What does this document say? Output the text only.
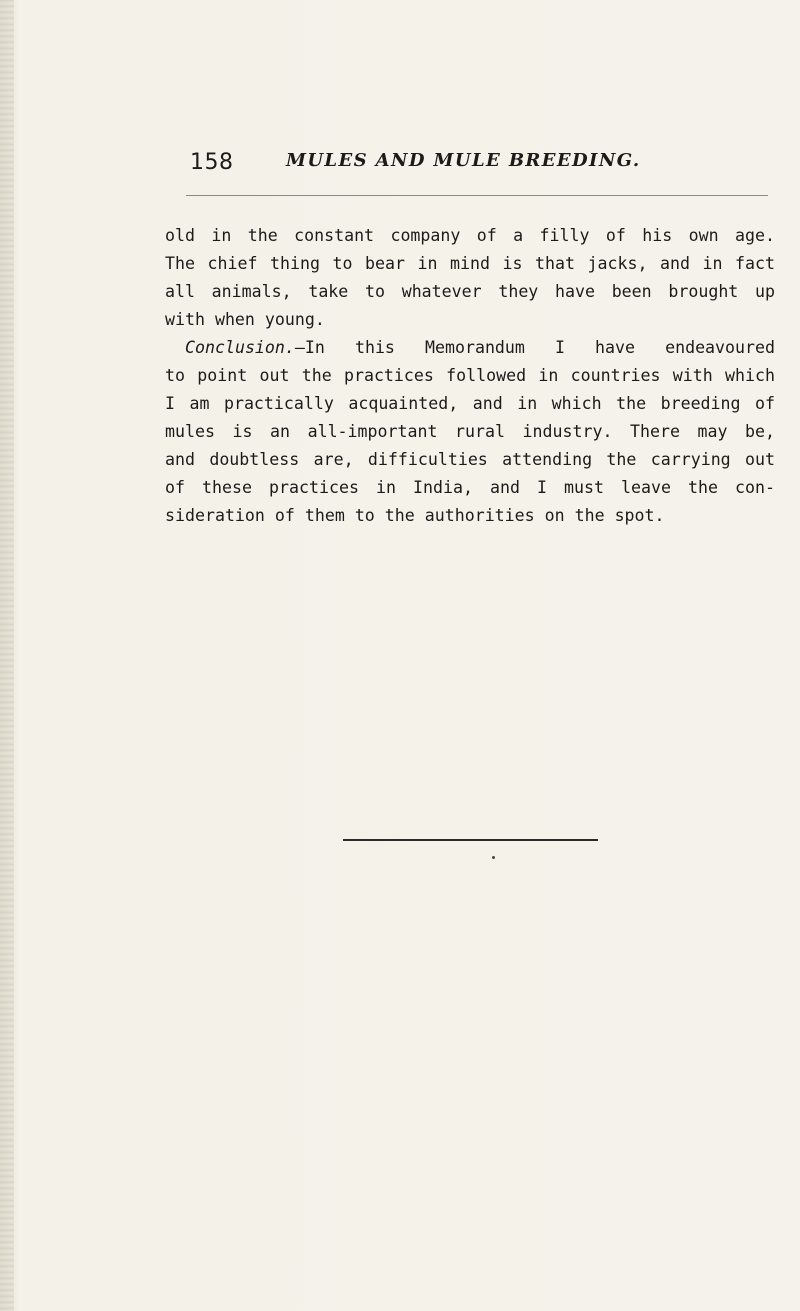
158	MULES AND MULE BREEDING.
old in the constant company of a filly of his own age.
The chief thing to bear in mind is that jacks, and in fact
all animals, take to whatever they have been brought up
with when young.
Conclusion.—In this Memorandum I have endeavoured
to point out the practices followed in countries with which
I am practically acquainted, and in which the breeding of
mules is an all-important rural industry. There may be,
and doubtless are, difficulties attending the carrying out
of these practices in India, and I must leave the con-
sideration of them to the authorities on the spot.
